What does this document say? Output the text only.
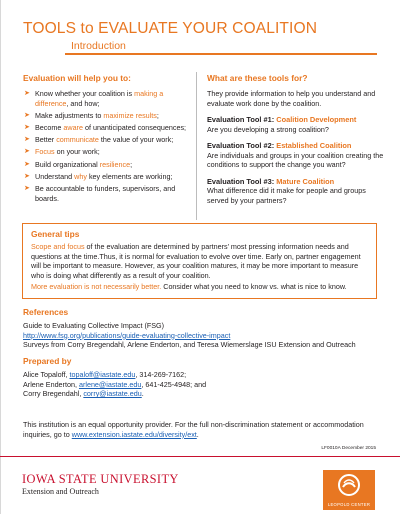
TOOLS to EVALUATE YOUR COALITION
Introduction
Evaluation will help you to:
➤ Know whether your coalition is making a difference, and how;
➤ Make adjustments to maximize results;
➤ Become aware of unanticipated consequences;
➤ Better communicate the value of your work;
➤ Focus on your work;
➤ Build organizational resilience;
➤ Understand why key elements are working;
➤ Be accountable to funders, supervisors, and boards.
What are these tools for?
They provide information to help you understand and evaluate work done by the coalition.
Evaluation Tool #1: Coalition Development
Are you developing a strong coalition?
Evaluation Tool #2: Established Coalition
Are individuals and groups in your coalition creating the conditions to support the change you want?
Evaluation Tool #3: Mature Coalition
What difference did it make for people and groups served by your partners?
General tips
Scope and focus of the evaluation are determined by partners’ most pressing information needs and questions at the time.Thus, it is normal for evaluation to evolve over time. Early on, partner engagement will be important to measure. However, as your coalition matures, it may be more important to measure who is doing what differently as a result of your coalition.
More evaluation is not necessarily better. Consider what you need to know vs. what is nice to know.
References
Guide to Evaluating Collective Impact (FSG)
http://www.fsg.org/publications/guide-evaluating-collective-impact
Surveys from Corry Bregendahl, Arlene Enderton, and Teresa Wiemerslage ISU Extension and Outreach
Prepared by
Alice Topaloff, topaloff@iastate.edu, 314-269-7162;
Arlene Enderton, arlene@iastate.edu, 641-425-4948; and
Corry Bregendahl, corry@iastate.edu.
This institution is an equal opportunity provider. For the full non-discrimination statement or accommodation inquiries, go to www.extension.iastate.edu/diversity/ext.
LF0010A December 2015
IOWA STATE UNIVERSITY
Extension and Outreach
LEOPOLD CENTER
